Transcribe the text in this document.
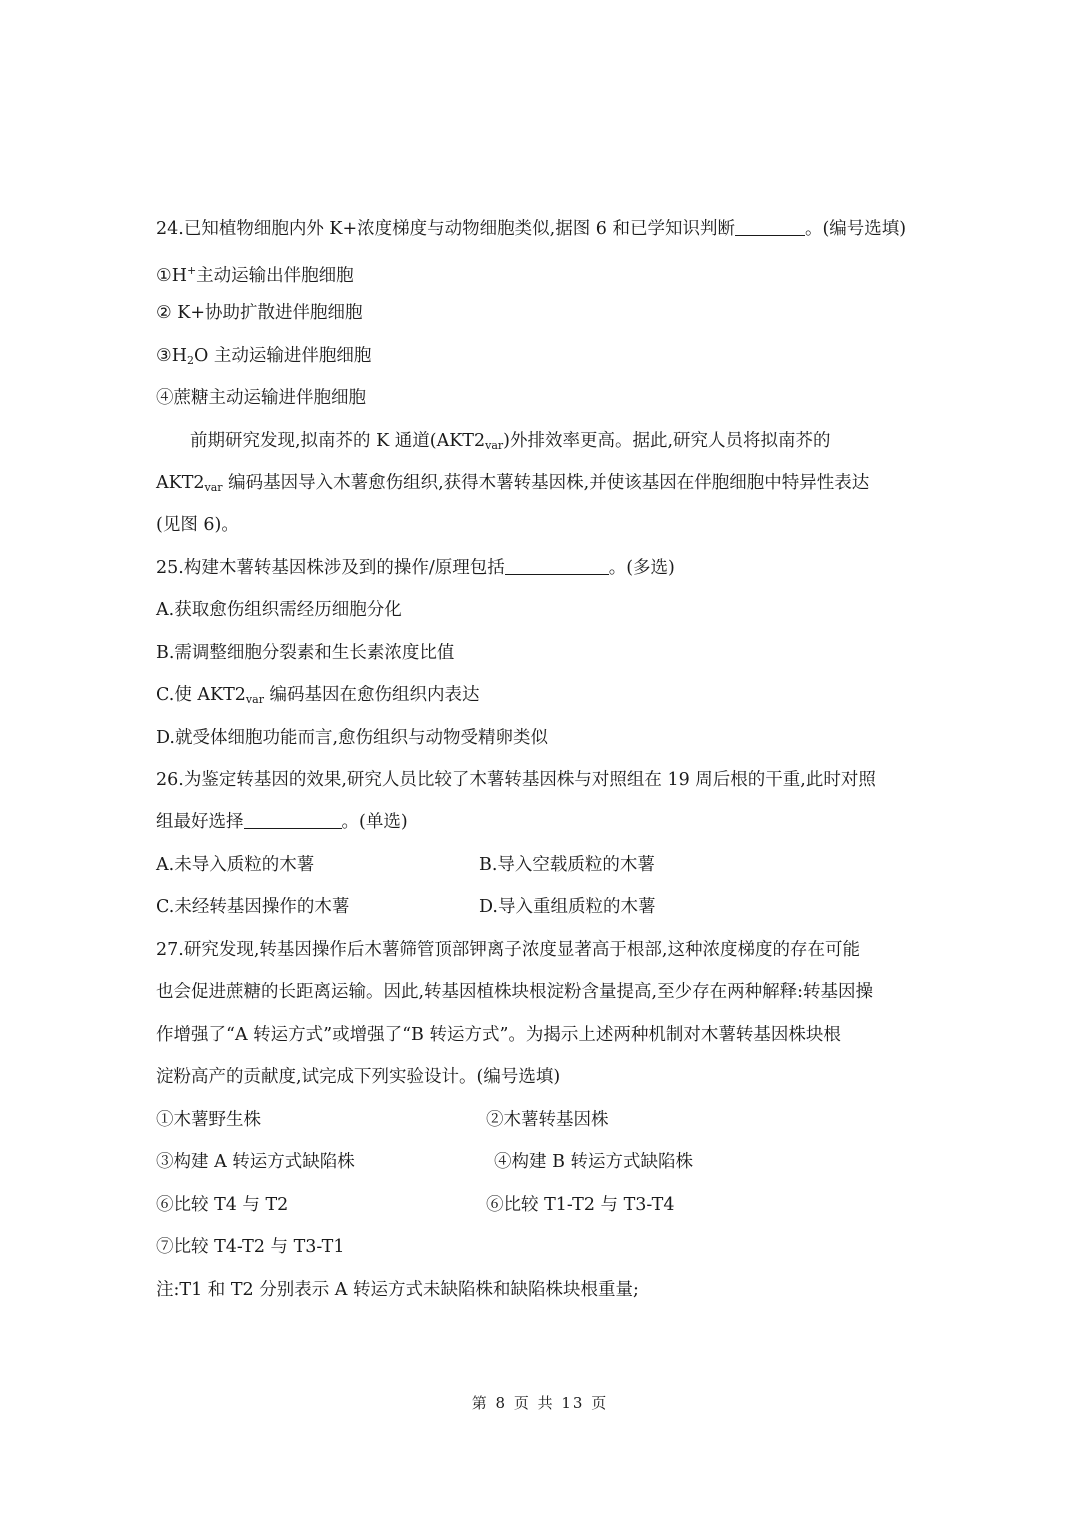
24.已知植物细胞内外 K+浓度梯度与动物细胞类似,据图 6 和已学知识判断	。(编号选填)
①H+主动运输出伴胞细胞
② K+协助扩散进伴胞细胞
$③H_2O$ 主动运输进伴胞细胞
④蔗糖主动运输进伴胞细胞
前期研究发现,拟南芥的 K 通道$(AKT2_{var})$外排效率更高。据此,研究人员将拟南芥的
$AKT2_{var}$ 编码基因导入木薯愈伤组织,获得木薯转基因株,并使该基因在伴胞细胞中特异性表达
(见图 6)。
25.构建木薯转基因株涉及到的操作/原理包括	。(多选)
A.获取愈伤组织需经历细胞分化
B.需调整细胞分裂素和生长素浓度比值
C.使 $AKT2_{var}$ 编码基因在愈伤组织内表达
D.就受体细胞功能而言,愈伤组织与动物受精卵类似
26.为鉴定转基因的效果,研究人员比较了木薯转基因株与对照组在 19 周后根的干重,此时对照
组最好选择	。(单选)
A.未导入质粒的木薯	B.导入空载质粒的木薯
C.未经转基因操作的木薯	D.导入重组质粒的木薯
27.研究发现,转基因操作后木薯筛管顶部钾离子浓度显著高于根部,这种浓度梯度的存在可能
也会促进蔗糖的长距离运输。因此,转基因植株块根淀粉含量提高,至少存在两种解释:转基因操
作增强了“A 转运方式”或增强了“B 转运方式”。为揭示上述两种机制对木薯转基因株块根
淀粉高产的贡献度,试完成下列实验设计。(编号选填)
①木薯野生株	②木薯转基因株
③构建 A 转运方式缺陷株	④构建 B 转运方式缺陷株
⑥比较 T4 与 T2	⑥比较 T1-T2 与 T3-T4
⑦比较 T4-T2 与 T3-T1
注:T1 和 T2 分别表示 A 转运方式未缺陷株和缺陷株块根重量;
第 8 页 共 13 页
